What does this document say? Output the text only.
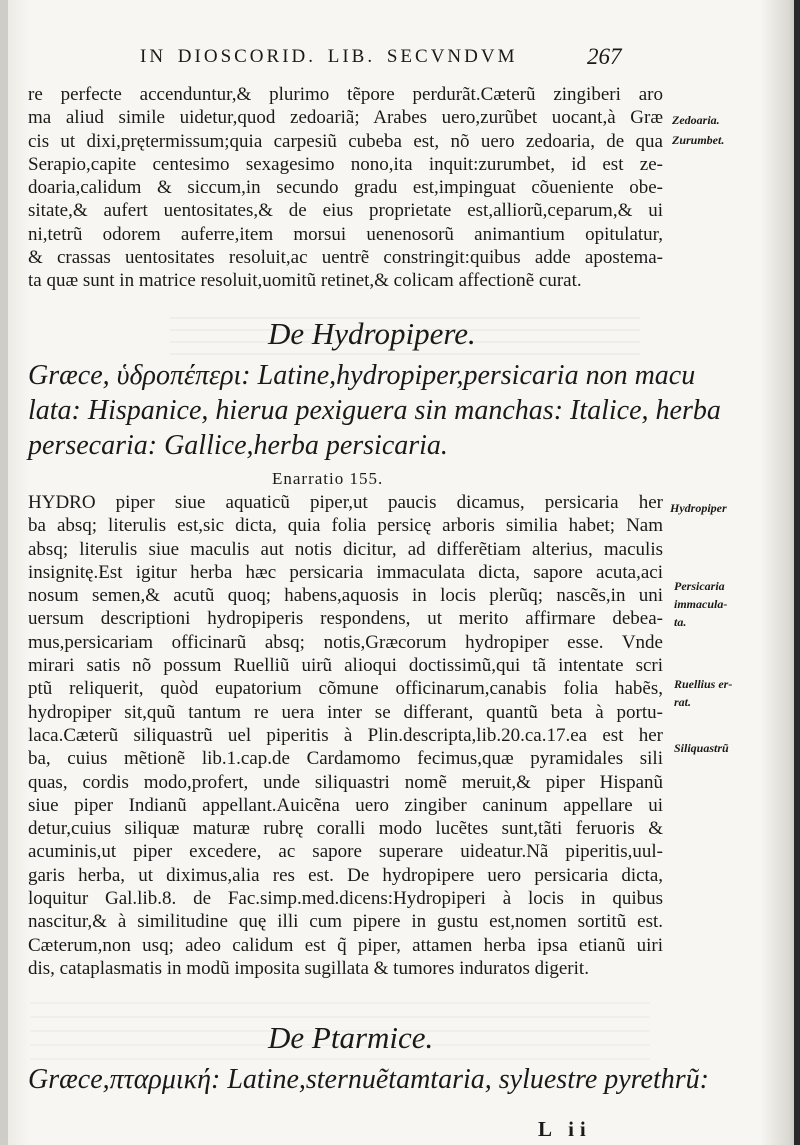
IN DIOSCORID. LIB. SECVNDVM	267
re perfecte accenduntur,& plurimo tẽpore perdurãt.Cæterũ zingiberi aro
ma aliud simile uidetur,quod zedoariã; Arabes uero,zurũbet uocant,à Græ
cis ut dixi,prętermissum;quia carpesiũ cubeba est, nõ uero zedoaria, de qua
Serapio,capite centesimo sexagesimo nono,ita inquit:zurumbet, id est ze-
doaria,calidum & siccum,in secundo gradu est,impinguat cõueniente obe-
sitate,& aufert uentositates,& de eius proprietate est,alliorũ,ceparum,& ui
ni,tetrũ odorem auferre,item morsui uenenosorũ animantium opitulatur,
& crassas uentositates resoluit,ac uentrẽ constringit:quibus adde apostema-
ta quæ sunt in matrice resoluit,uomitũ retinet,& colicam affectionẽ curat.
De Hydropipere.
Græce, ὑδροπέπερι: Latine,hydropiper,persicaria non macu
lata: Hispanice, hierua pexiguera sin manchas: Italice, herba
persecaria: Gallice,herba persicaria.
Enarratio 155.
HYDRO piper siue aquaticũ piper,ut paucis dicamus, persicaria her
ba absq; literulis est,sic dicta, quia folia persicę arboris similia habet; Nam
absq; literulis siue maculis aut notis dicitur, ad differẽtiam alterius, maculis
insignitę.Est igitur herba hæc persicaria immaculata dicta, sapore acuta,aci
nosum semen,& acutũ quoq; habens,aquosis in locis plerũq; nascẽs,in uni
uersum descriptioni hydropiperis respondens, ut merito affirmare debea-
mus,persicariam officinarũ absq; notis,Græcorum hydropiper esse. Vnde
mirari satis nõ possum Ruelliũ uirũ alioqui doctissimũ,qui tã intentate scri
ptũ reliquerit, quòd eupatorium cõmune officinarum,canabis folia habẽs,
hydropiper sit,quũ tantum re uera inter se differant, quantũ beta à portu-
laca.Cæterũ siliquastrũ uel piperitis à Plin.descripta,lib.20.ca.17.ea est her
ba, cuius mẽtionẽ lib.1.cap.de Cardamomo fecimus,quæ pyramidales sili
quas, cordis modo,profert, unde siliquastri nomẽ meruit,& piper Hispanũ
siue piper Indianũ appellant.Auicẽna uero zingiber caninum appellare ui
detur,cuius siliquæ maturæ rubrę coralli modo lucẽtes sunt,tãti feruoris &
acuminis,ut piper excedere, ac sapore superare uideatur.Nã piperitis,uul-
garis herba, ut diximus,alia res est. De hydropipere uero persicaria dicta,
loquitur Gal.lib.8. de Fac.simp.med.dicens:Hydropiperi à locis in quibus
nascitur,& à similitudine quę illi cum pipere in gustu est,nomen sortitũ est.
Cæterum,non usq; adeo calidum est q̃ piper, attamen herba ipsa etianũ uiri
dis, cataplasmatis in modũ imposita sugillata & tumores induratos digerit.
De Ptarmice.
Græce,πταρμική: Latine,sternuẽtamtaria, syluestre pyrethrũ:
Zedoaria.
Zurumbet.
Hydropiper
Persicaria
immacula-
ta.
Ruellius er-
rat.
Siliquastrũ
L ii
